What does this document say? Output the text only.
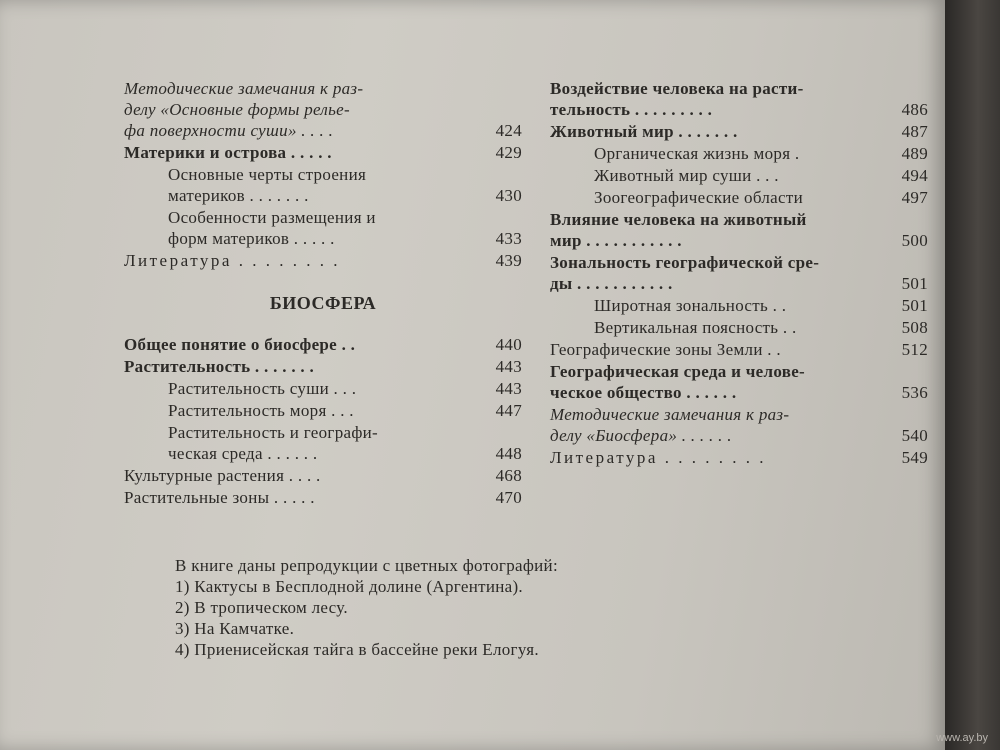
Методические замечания к раз-
делу «Основные формы рельe-
фа поверхности суши» . . . .	424
Материки и острова . . . . .	429
Основные черты строения
материков . . . . . . .	430
Особенности размещения и
форм материков . . . . .	433
Литература . . . . . . . .	439
БИОСФЕРА
Общее понятие о биосфере . .	440
Растительность . . . . . . .	443
Растительность суши . . .	443
Растительность моря . . .	447
Растительность и географи-
ческая среда . . . . . .	448
Культурные растения . . . .	468
Растительные зоны . . . . .	470
Воздействие человека на расти-
тельность . . . . . . . . .	486
Животный мир . . . . . . .	487
Органическая жизнь моря .	489
Животный мир суши . . .	494
Зоогеографические области	497
Влияние человека на животный
мир . . . . . . . . . . .	500
Зональность географической сре-
ды . . . . . . . . . . .	501
Широтная зональность . .	501
Вертикальная поясность . .	508
Географические зоны Земли . .	512
Географическая среда и челове-
ческое общество . . . . . .	536
Методические замечания к раз-
делу «Биосфера» . . . . . .	540
Литература . . . . . . . .	549
В книге даны репродукции с цветных фотографий:
1) Кактусы в Бесплодной долине (Аргентина).
2) В тропическом лесу.
3) На Камчатке.
4) Приенисейская тайга в бассейне реки Елогуя.
www.ay.by
